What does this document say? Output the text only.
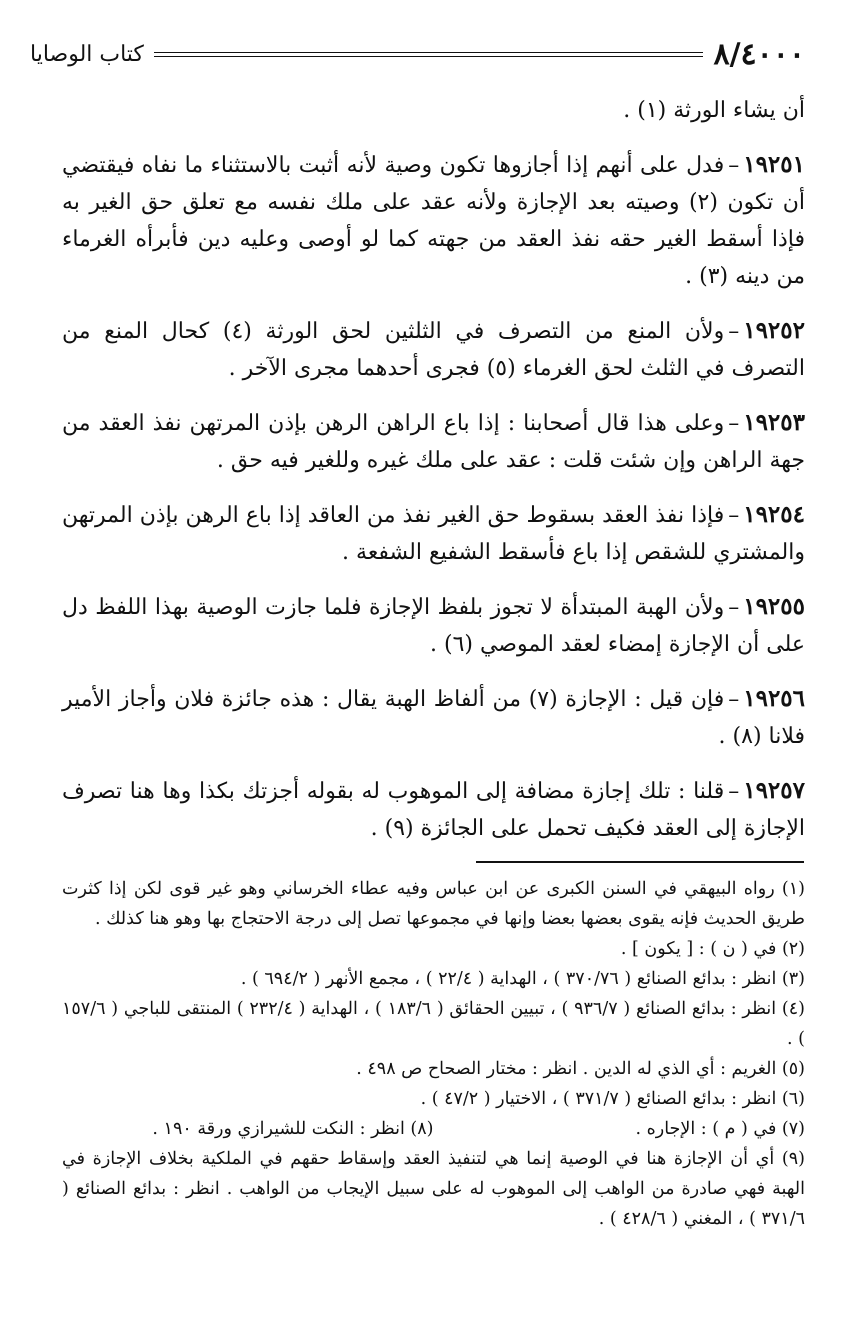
٨/٤٠٠٠
كتاب الوصايا

أن يشاء الورثة (١) .

١٩٢٥١–فدل على أنهم إذا أجازوها تكون وصية لأنه أثبت بالاستثناء ما نفاه فيقتضي أن تكون (٢) وصيته بعد الإجازة ولأنه عقد على ملك نفسه مع تعلق حق الغير به فإذا أسقط الغير حقه نفذ العقد من جهته كما لو أوصى وعليه دين فأبرأه الغرماء من دينه (٣) .

١٩٢٥٢–ولأن المنع من التصرف في الثلثين لحق الورثة (٤) كحال المنع من التصرف في الثلث لحق الغرماء (٥) فجرى أحدهما مجرى الآخر .

١٩٢٥٣–وعلى هذا قال أصحابنا : إذا باع الراهن الرهن بإذن المرتهن نفذ العقد من جهة الراهن وإن شئت قلت : عقد على ملك غيره وللغير فيه حق .

١٩٢٥٤–فإذا نفذ العقد بسقوط حق الغير نفذ من العاقد إذا باع الرهن بإذن المرتهن والمشتري للشقص إذا باع فأسقط الشفيع الشفعة .

١٩٢٥٥–ولأن الهبة المبتدأة لا تجوز بلفظ الإجازة فلما جازت الوصية بهذا اللفظ دل على أن الإجازة إمضاء لعقد الموصي (٦) .

١٩٢٥٦–فإن قيل : الإجازة (٧) من ألفاظ الهبة يقال : هذه جائزة فلان وأجاز الأمير فلانا (٨) .

١٩٢٥٧–قلنا : تلك إجازة مضافة إلى الموهوب له بقوله أجزتك بكذا وها هنا تصرف الإجازة إلى العقد فكيف تحمل على الجائزة (٩) .

(١) رواه البيهقي في السنن الكبرى عن ابن عباس وفيه عطاء الخرساني وهو غير قوى لكن إذا كثرت طريق الحديث فإنه يقوى بعضها بعضا وإنها في مجموعها تصل إلى درجة الاحتجاج بها وهو هنا كذلك .

(٢) في ( ن ) : [ يكون ] .

(٣) انظر : بدائع الصنائع ( ٣٧٠/٧٦ ) ، الهداية ( ٢٢/٤ ) ، مجمع الأنهر ( ٦٩٤/٢ ) .

(٤) انظر : بدائع الصنائع ( ٩٣٦/٧ ) ، تبيين الحقائق ( ١٨٣/٦ ) ، الهداية ( ٢٣٢/٤ ) المنتقى للباجي ( ١٥٧/٦ ) .

(٥) الغريم : أي الذي له الدين . انظر : مختار الصحاح ص ٤٩٨ .

(٦) انظر : بدائع الصنائع ( ٣٧١/٧ ) ، الاختيار ( ٤٧/٢ ) .

(٧) في ( م ) : الإجاره .

(٨) انظر : النكت للشيرازي ورقة ١٩٠ .

(٩) أي أن الإجازة هنا في الوصية إنما هي لتنفيذ العقد وإسقاط حقهم في الملكية بخلاف الإجازة في الهبة فهي صادرة من الواهب إلى الموهوب له على سبيل الإيجاب من الواهب . انظر : بدائع الصنائع ( ٣٧١/٦ ) ، المغني ( ٤٢٨/٦ ) .
